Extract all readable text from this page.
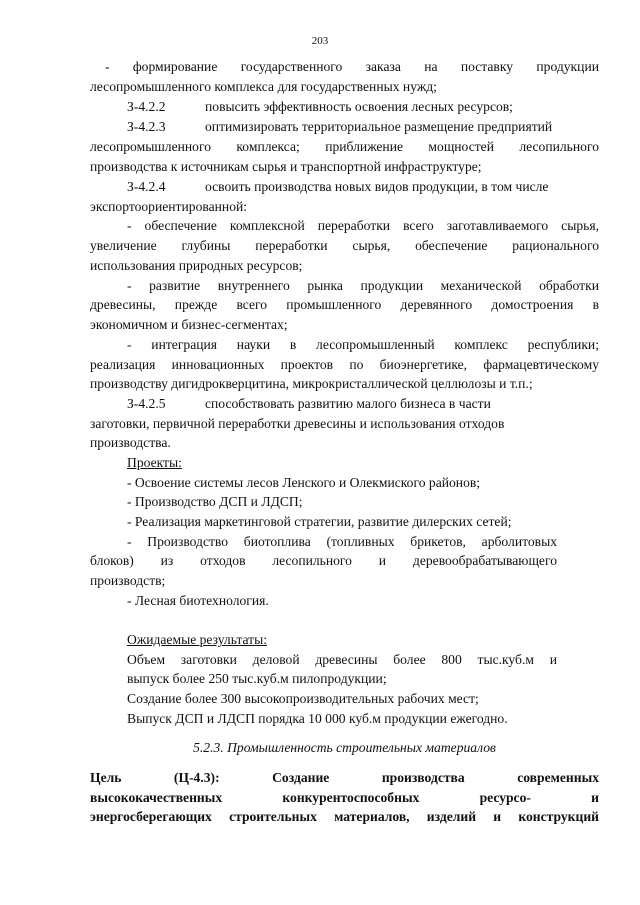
203
- формирование государственного заказа на поставку продукции
лесопромышленного комплекса для государственных нужд;
З-4.2.2	повысить эффективность освоения лесных ресурсов;
З-4.2.3	оптимизировать территориальное размещение предприятий
лесопромышленного комплекса; приближение мощностей лесопильного
производства к источникам сырья и транспортной инфраструктуре;
З-4.2.4	освоить производства новых видов продукции, в том числе
экспортоориентированной:
- обеспечение комплексной переработки всего заготавливаемого сырья,
увеличение глубины переработки сырья, обеспечение рационального
использования природных ресурсов;
- развитие внутреннего рынка продукции механической обработки
древесины, прежде всего промышленного деревянного домостроения в
экономичном и бизнес-сегментах;
- интеграция науки в лесопромышленный комплекс республики;
реализация инновационных проектов по биоэнергетике, фармацевтическому
производству дигидрокверцитина, микрокристаллической целлюлозы и т.п.;
З-4.2.5	способствовать развитию малого бизнеса в части
заготовки, первичной переработки древесины и использования отходов
производства.
Проекты:
- Освоение системы лесов Ленского и Олекмиского районов;
- Производство ДСП и ЛДСП;
- Реализация маркетинговой стратегии, развитие дилерских сетей;
- Производство биотоплива (топливных брикетов, арболитовых
блоков) из отходов лесопильного и деревообрабатывающего
производств;
- Лесная биотехнология.
Ожидаемые результаты:
Объем заготовки деловой древесины более 800 тыс.куб.м и
выпуск более 250 тыс.куб.м пилопродукции;
Создание более 300 высокопроизводительных рабочих мест;
Выпуск ДСП и ЛДСП порядка 10 000 куб.м продукции ежегодно.
5.2.3. Промышленность строительных материалов
Цель (Ц-4.3): Создание производства современных
высококачественных конкурентоспособных ресурсо- и
энергосберегающих строительных материалов, изделий и конструкций
